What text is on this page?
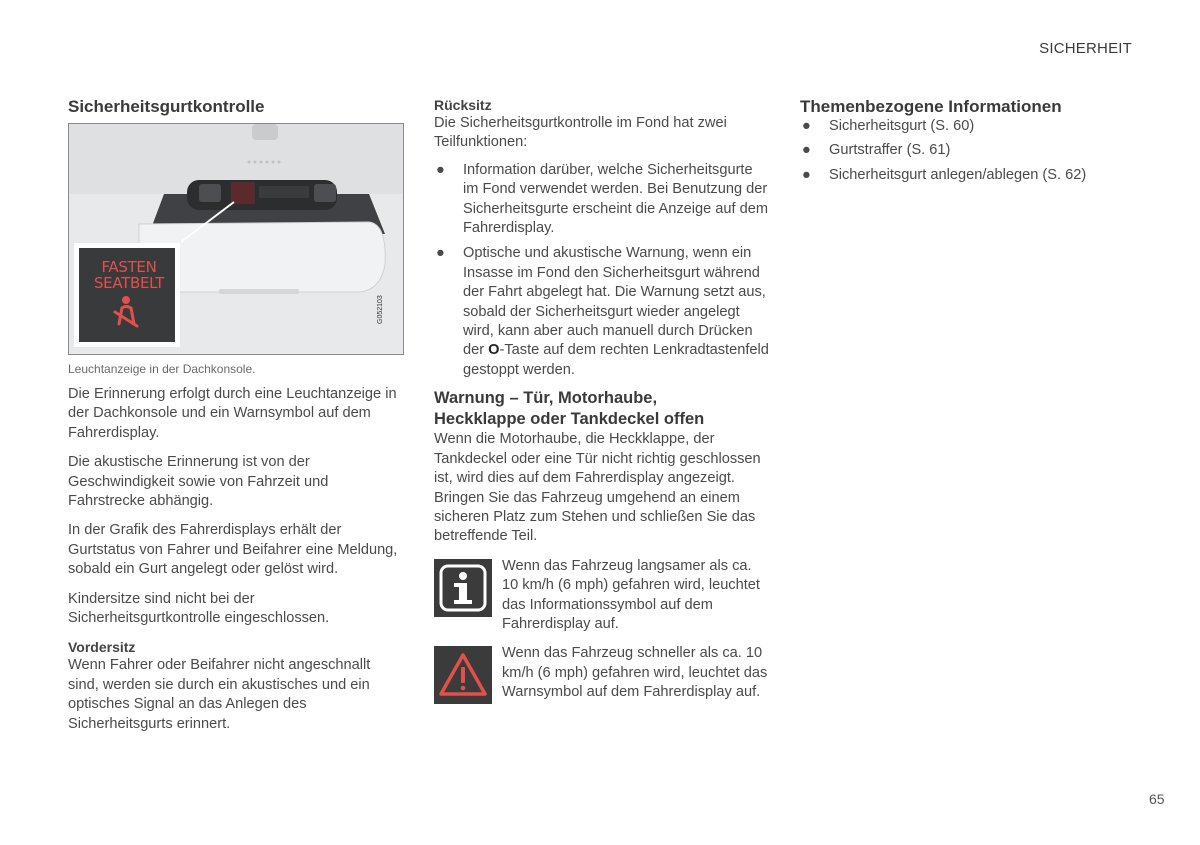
SICHERHEIT
Sicherheitsgurtkontrolle
FASTEN
SEATBELT
G052103
Leuchtanzeige in der Dachkonsole.

Die Erinnerung erfolgt durch eine Leuchtanzeige in der Dachkonsole und ein Warnsymbol auf dem Fahrerdisplay.

Die akustische Erinnerung ist von der Geschwindigkeit sowie von Fahrzeit und Fahrstrecke abhängig.

In der Grafik des Fahrerdisplays erhält der Gurtstatus von Fahrer und Beifahrer eine Meldung, sobald ein Gurt angelegt oder gelöst wird.

Kindersitze sind nicht bei der Sicherheitsgurtkontrolle eingeschlossen.

Vordersitz

Wenn Fahrer oder Beifahrer nicht angeschnallt sind, werden sie durch ein akustisches und ein optisches Signal an das Anlegen des Sicherheitsgurts erinnert.

Rücksitz

Die Sicherheitsgurtkontrolle im Fond hat zwei Teilfunktionen:

● Information darüber, welche Sicherheitsgurte im Fond verwendet werden. Bei Benutzung der Sicherheitsgurte erscheint die Anzeige auf dem Fahrerdisplay.
● Optische und akustische Warnung, wenn ein Insasse im Fond den Sicherheitsgurt während der Fahrt abgelegt hat. Die Warnung setzt aus, sobald der Sicherheitsgurt wieder angelegt wird, kann aber auch manuell durch Drücken der O-Taste auf dem rechten Lenkradtastenfeld gestoppt werden.
Warnung – Tür, Motorhaube,
Heckklappe oder Tankdeckel offen

Wenn die Motorhaube, die Heckklappe, der Tankdeckel oder eine Tür nicht richtig geschlossen ist, wird dies auf dem Fahrerdisplay angezeigt. Bringen Sie das Fahrzeug umgehend an einem sicheren Platz zum Stehen und schließen Sie das betreffende Teil.

Wenn das Fahrzeug langsamer als ca. 10 km/h (6 mph) gefahren wird, leuchtet das Informationssymbol auf dem Fahrerdisplay auf.

Wenn das Fahrzeug schneller als ca. 10 km/h (6 mph) gefahren wird, leuchtet das Warnsymbol auf dem Fahrerdisplay auf.

Themenbezogene Informationen
● Sicherheitsgurt (S. 60)
● Gurtstraffer (S. 61)
● Sicherheitsgurt anlegen/ablegen (S. 62)
65
